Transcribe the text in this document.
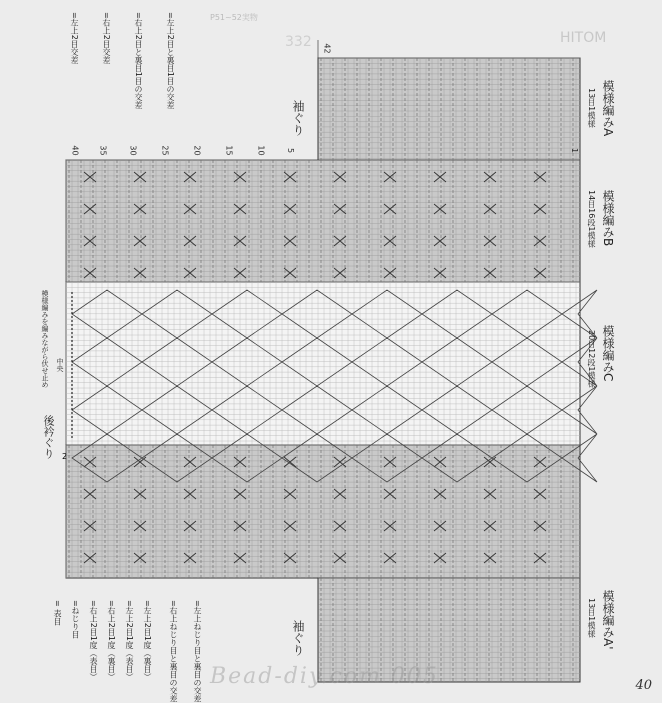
P51~52実物
HITOM
332
=左上2目と裏目1目の交差
=右上2目と裏目1目の交差
=右上2目交差
=左上2目交差
= 表目 =ねじり目 =右上2目1度（表目） =右上2目1度（裏目） =左上2目1度（表目） =左上2目1度（裏目） =右上ねじり目と裏目の交差 =左上ねじり目と裏目の交差
模様編みA
13目1模様
模様編みB
14目16段1模様
模様編みC
20目12段1模様
模様編みA'
13目1模様
袖ぐり
袖ぐり
後衿ぐり
中央
模様編みを編みながら伏せ止め
42
40 35	30	25	20	15	10	5	1
2
Bead-diy.com 005	40
